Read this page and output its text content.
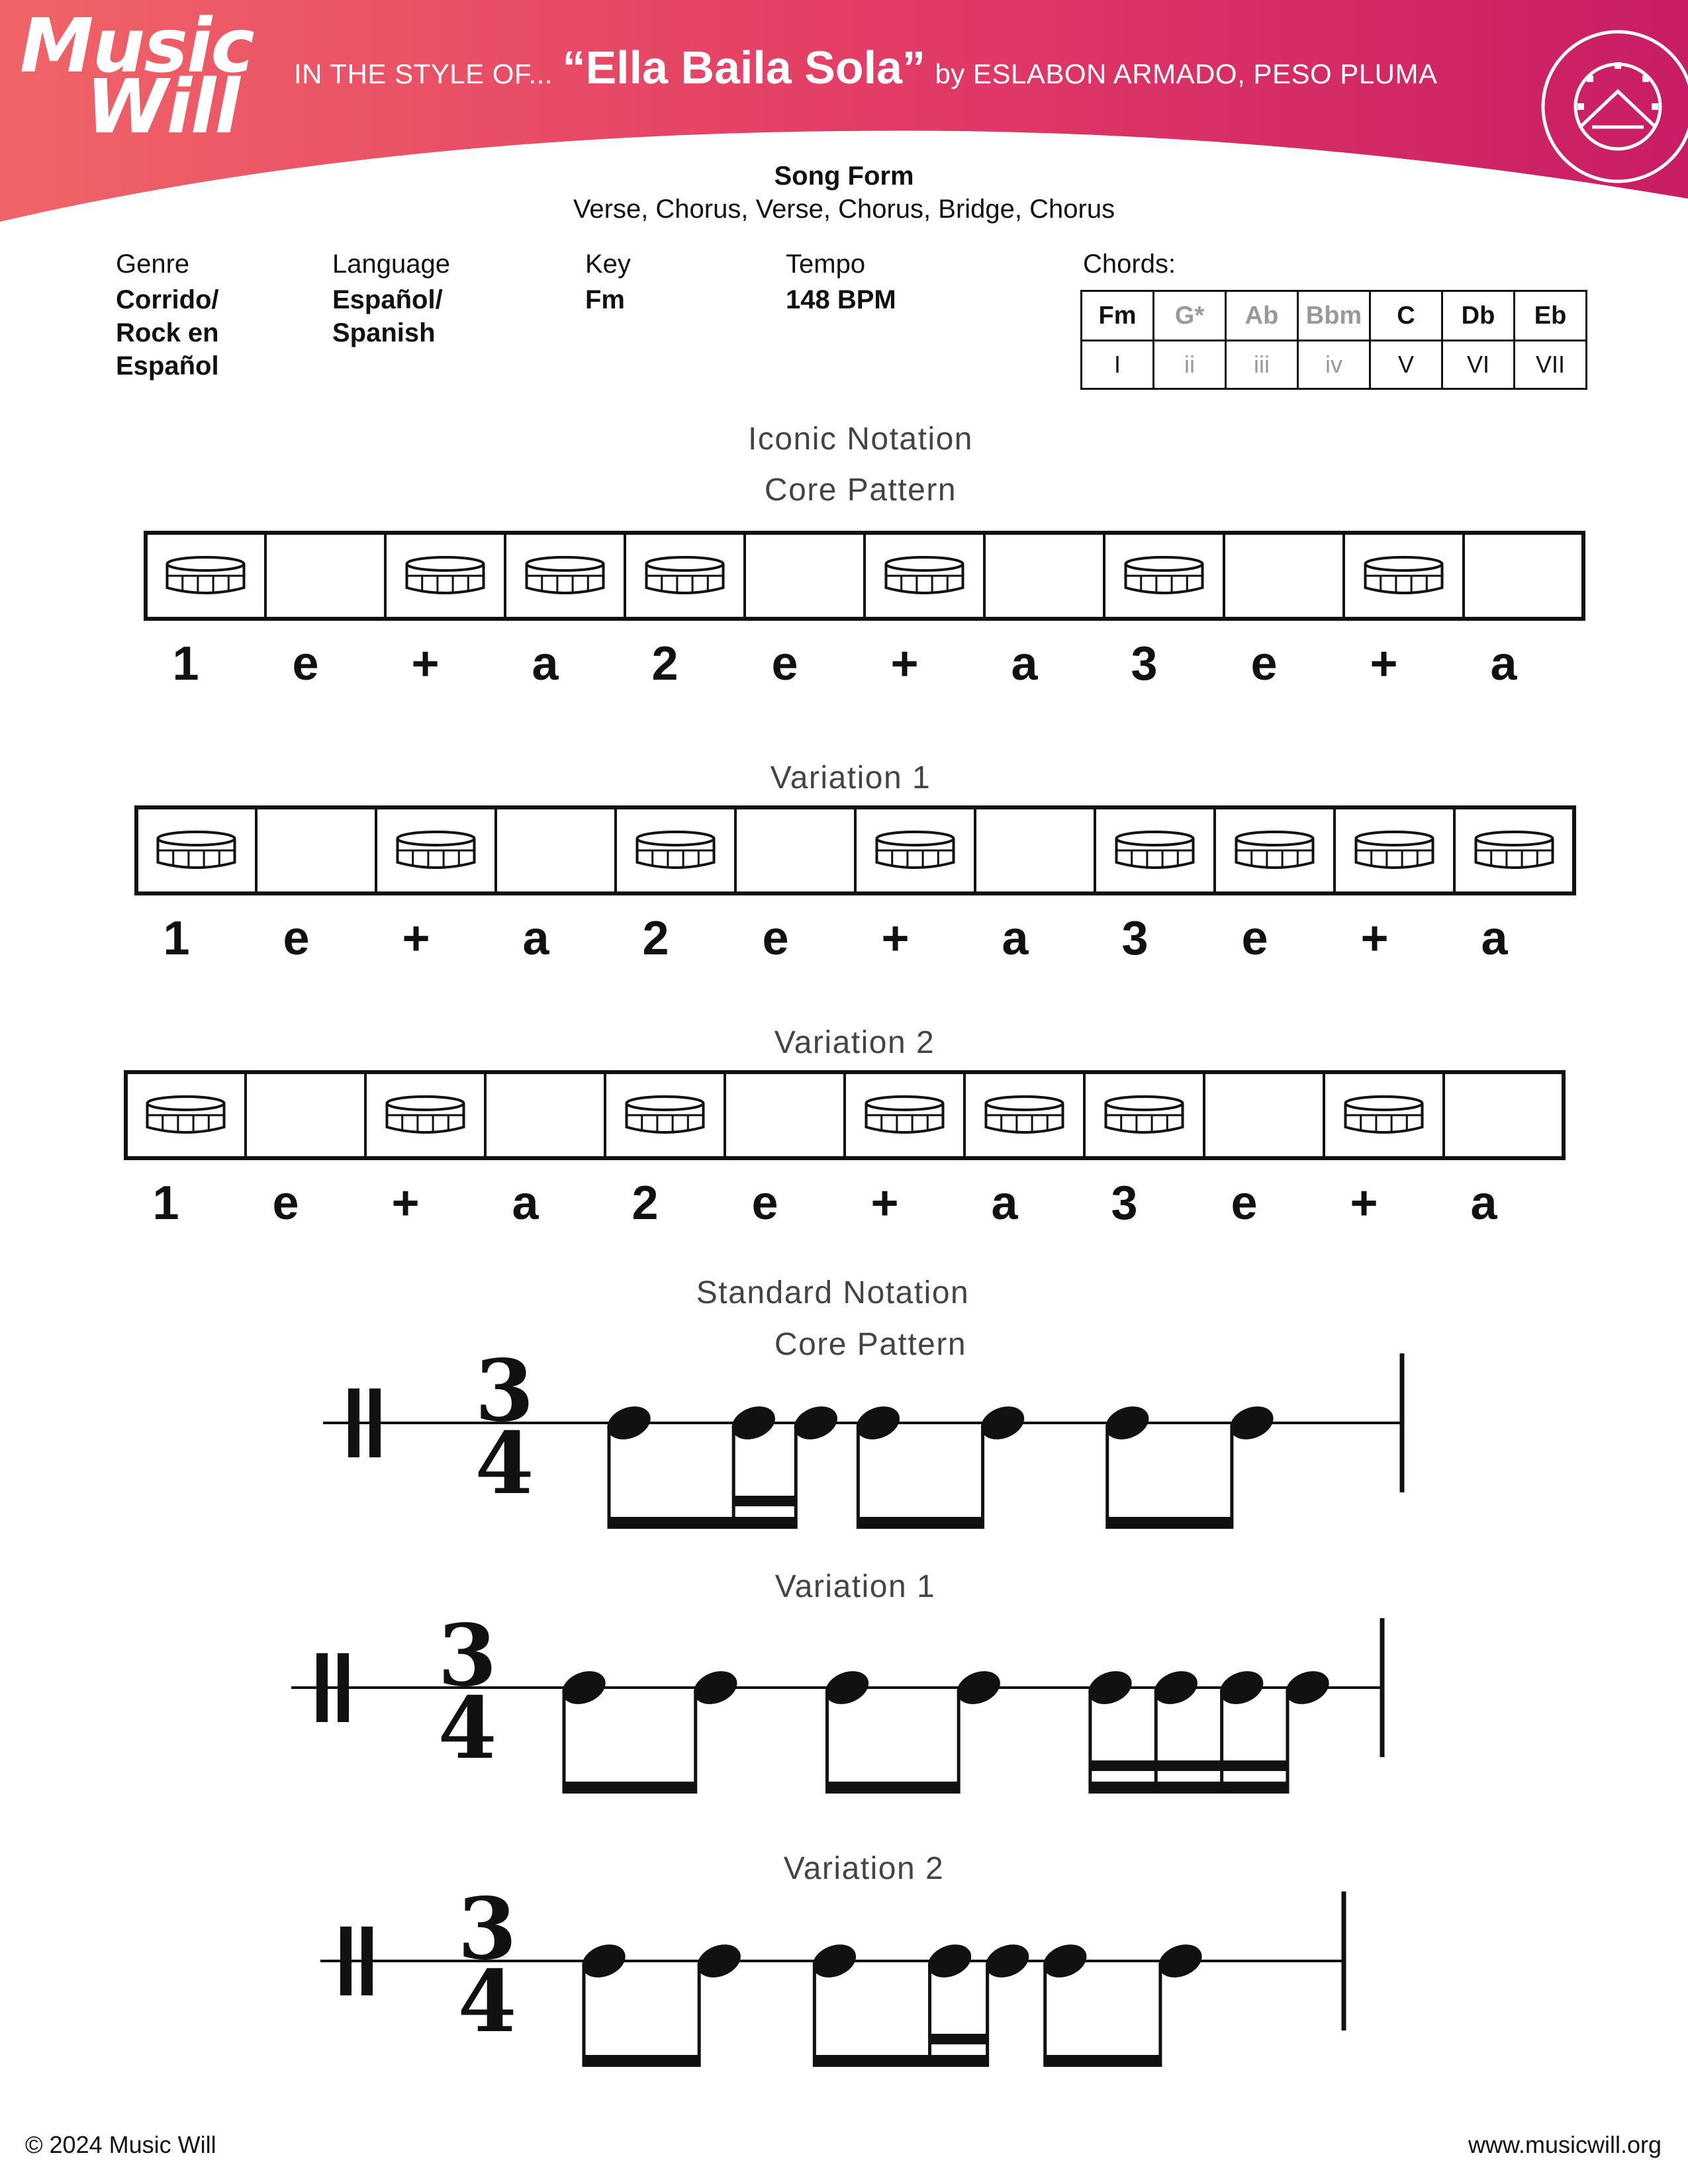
Music
Will	IN THE STYLE OF... “Ella Baila Sola” by ESLABON ARMADO, PESO PLUMA
Song Form
Verse, Chorus, Verse, Chorus, Bridge, Chorus
Genre
Corrido/
Rock en
Español
Language
Español/
Spanish
Key
Fm
Tempo
148 BPM
Chords:
Fm	G*	Ab	Bbm	C	Db	Eb
I	ii	iii	iv	V	VI	VII
Iconic Notation
Core Pattern
1 e + a 2 e + a 3 e + a
Variation 1
1 e + a 2 e + a 3 e + a
Variation 2
1 e + a 2 e + a 3 e + a
Standard Notation
Core Pattern
3
4
Variation 1
3
4
Variation 2
3
4
© 2024 Music Will	www.musicwill.org
